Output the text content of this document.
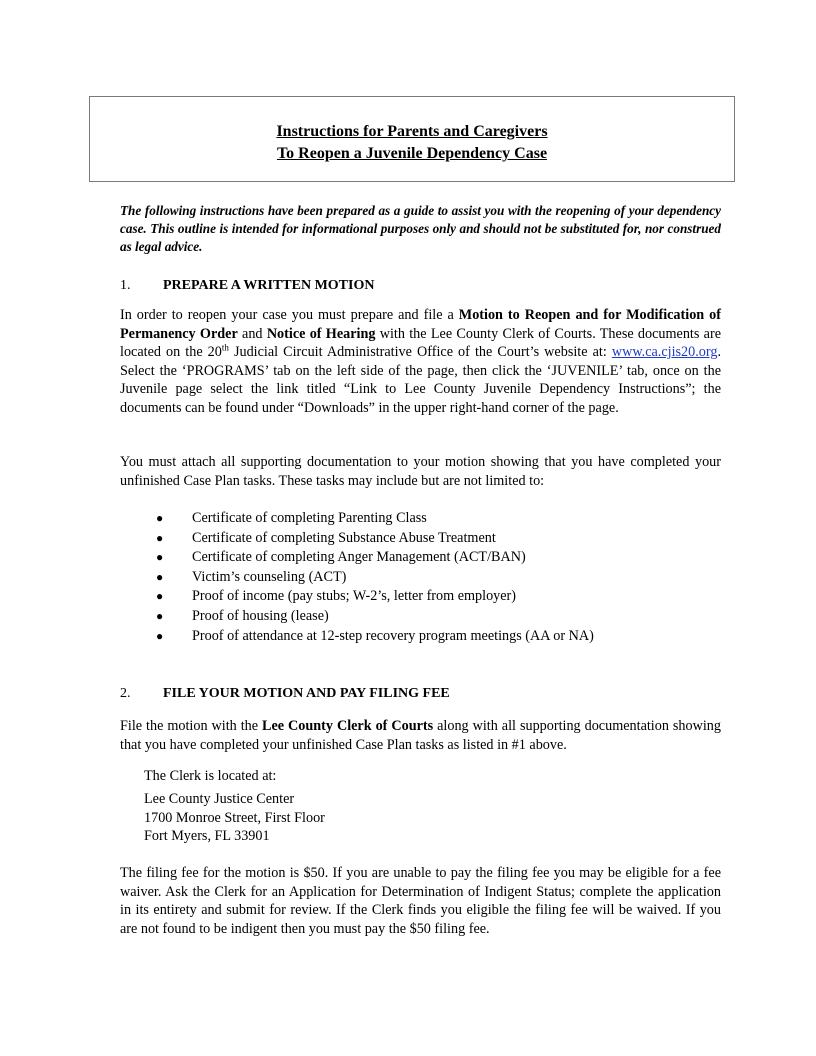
Instructions for Parents and Caregivers
To Reopen a Juvenile Dependency Case
The following instructions have been prepared as a guide to assist you with the reopening of your dependency case. This outline is intended for informational purposes only and should not be substituted for, nor construed as legal advice.
1. PREPARE A WRITTEN MOTION
In order to reopen your case you must prepare and file a Motion to Reopen and for Modification of Permanency Order and Notice of Hearing with the Lee County Clerk of Courts. These documents are located on the 20th Judicial Circuit Administrative Office of the Court’s website at: www.ca.cjis20.org. Select the ‘PROGRAMS’ tab on the left side of the page, then click the ‘JUVENILE’ tab, once on the Juvenile page select the link titled “Link to Lee County Juvenile Dependency Instructions”; the documents can be found under “Downloads” in the upper right-hand corner of the page.
You must attach all supporting documentation to your motion showing that you have completed your unfinished Case Plan tasks. These tasks may include but are not limited to:
● Certificate of completing Parenting Class
● Certificate of completing Substance Abuse Treatment
● Certificate of completing Anger Management (ACT/BAN)
● Victim’s counseling (ACT)
● Proof of income (pay stubs; W-2’s, letter from employer)
● Proof of housing (lease)
● Proof of attendance at 12-step recovery program meetings (AA or NA)
2. FILE YOUR MOTION AND PAY FILING FEE
File the motion with the Lee County Clerk of Courts along with all supporting documentation showing that you have completed your unfinished Case Plan tasks as listed in #1 above.
The Clerk is located at:
Lee County Justice Center
1700 Monroe Street, First Floor
Fort Myers, FL 33901
The filing fee for the motion is $50. If you are unable to pay the filing fee you may be eligible for a fee waiver. Ask the Clerk for an Application for Determination of Indigent Status; complete the application in its entirety and submit for review. If the Clerk finds you eligible the filing fee will be waived. If you are not found to be indigent then you must pay the $50 filing fee.
